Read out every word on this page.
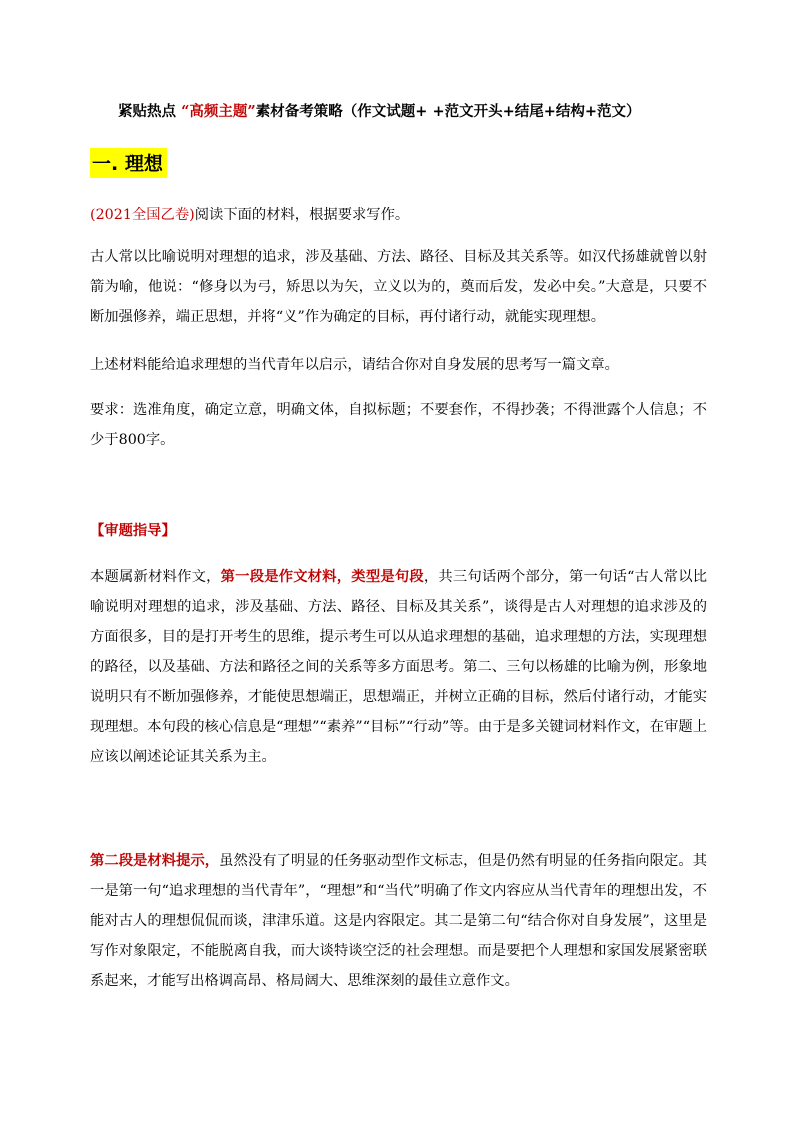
紧贴热点 “高频主题”素材备考策略（作文试题+ +范文开头+结尾+结构+范文）
一. 理想

(2021全国乙卷)阅读下面的材料，根据要求写作。

古人常以比喻说明对理想的追求，涉及基础、方法、路径、目标及其关系等。如汉代扬雄就曾以射箭为喻，他说：“修身以为弓，矫思以为矢，立义以为的，奠而后发，发必中矣。”大意是，只要不断加强修养，端正思想，并将“义”作为确定的目标，再付诸行动，就能实现理想。

上述材料能给追求理想的当代青年以启示，请结合你对自身发展的思考写一篇文章。

要求：选准角度，确定立意，明确文体，自拟标题；不要套作，不得抄袭；不得泄露个人信息；不少于800字。

【审题指导】

本题属新材料作文，第一段是作文材料，类型是句段，共三句话两个部分，第一句话“古人常以比喻说明对理想的追求，涉及基础、方法、路径、目标及其关系”，谈得是古人对理想的追求涉及的方面很多，目的是打开考生的思维，提示考生可以从追求理想的基础，追求理想的方法，实现理想的路径，以及基础、方法和路径之间的关系等多方面思考。第二、三句以杨雄的比喻为例，形象地说明只有不断加强修养，才能使思想端正，思想端正，并树立正确的目标，然后付诸行动，才能实现理想。本句段的核心信息是“理想”“素养”“目标”“行动”等。由于是多关键词材料作文，在审题上应该以阐述论证其关系为主。

第二段是材料提示，虽然没有了明显的任务驱动型作文标志，但是仍然有明显的任务指向限定。其一是第一句“追求理想的当代青年”，“理想”和“当代”明确了作文内容应从当代青年的理想出发，不能对古人的理想侃侃而谈，津津乐道。这是内容限定。其二是第二句“结合你对自身发展”，这里是写作对象限定，不能脱离自我，而大谈特谈空泛的社会理想。而是要把个人理想和家国发展紧密联系起来，才能写出格调高昂、格局阔大、思维深刻的最佳立意作文。
